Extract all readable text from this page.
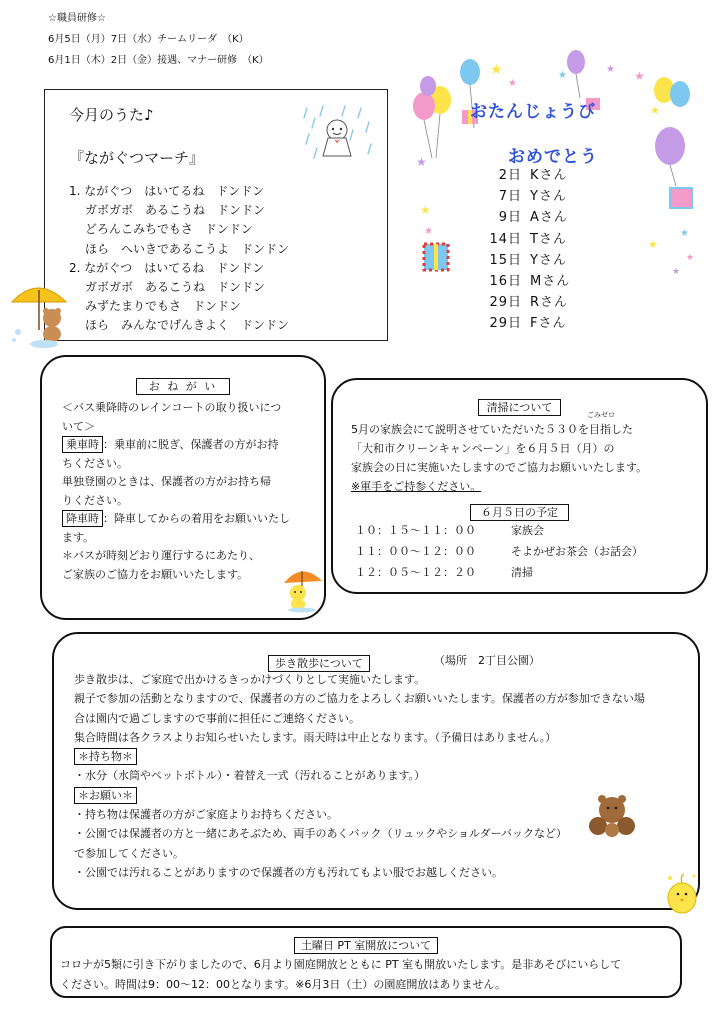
☆職員研修☆
6月5日（月）7日（水）チームリーダ　（K）
6月1日（木）2日（金）接遇、マナー研修　（K）
今月のうた♪
『ながぐつマーチ』
1. ながぐつ　はいてるね　ドンドン
ガボガボ　あるこうね　ドンドン
どろんこみちでもさ　ドンドン
ほら　へいきであるこうよ　ドンドン
2. ながぐつ　はいてるね　ドンドン
ガボガボ　あるこうね　ドンドン
みずたまりでもさ　ドンドン
ほら　みんなでげんきよく　ドンドン
★
★
★
★ ★
★
★
★
★
★
★
★
★
おたんじょうび
おめでとう
2日 Kさん
7日 Yさん
9日 Aさん
14日 Tさん
15日 Yさん
16日 Mさん
29日 Rさん
29日 Fさん
お ね が い
＜バス乗降時のレインコートの取り扱いにつ
いて＞
乗車時 ：乗車前に脱ぎ、保護者の方がお持
ちください。
単独登園のときは、保護者の方がお持ち帰
りください。
降車時 ：降車してからの着用をお願いいたし
ます。
＊バスが時刻どおり運行するにあたり、
ご家族のご協力をお願いいたします。
清掃について
ごみゼロ
5月の家族会にて説明させていただいた５３０を目指した
「大和市クリーンキャンペーン」を６月５日（月）の
家族会の日に実施いたしますのでご協力お願いいたします。
※軍手をご持参ください。
６月５日の予定
１０：１５～１１：００	家族会
１１：００～１２：００	そよかぜお茶会（お話会）
１２：０５～１２：２０	清掃
歩き散歩について	（場所　2丁目公園）
歩き散歩は、ご家庭で出かけるきっかけづくりとして実施いたします。
親子で参加の活動となりますので、保護者の方のご協力をよろしくお願いいたします。保護者の方が参加できない場
合は園内で過ごしますので事前に担任にご連絡ください。
集合時間は各クラスよりお知らせいたします。雨天時は中止となります。（予備日はありません。）
＊持ち物＊
・水分（水筒やペットボトル）・着替え一式（汚れることがあります。）
＊お願い＊
・持ち物は保護者の方がご家庭よりお持ちください。
・公園では保護者の方と一緒にあそぶため、両手のあくバック（リュックやショルダーバックなど）
で参加してください。
・公園では汚れることがありますので保護者の方も汚れてもよい服でお越しください。
土曜日 PT 室開放について
コロナが5類に引き下がりましたので、6月より園庭開放とともに PT 室も開放いたします。是非あそびにいらして
ください。時間は9：00～12：00となります。※6月3日（土）の園庭開放はありません。
